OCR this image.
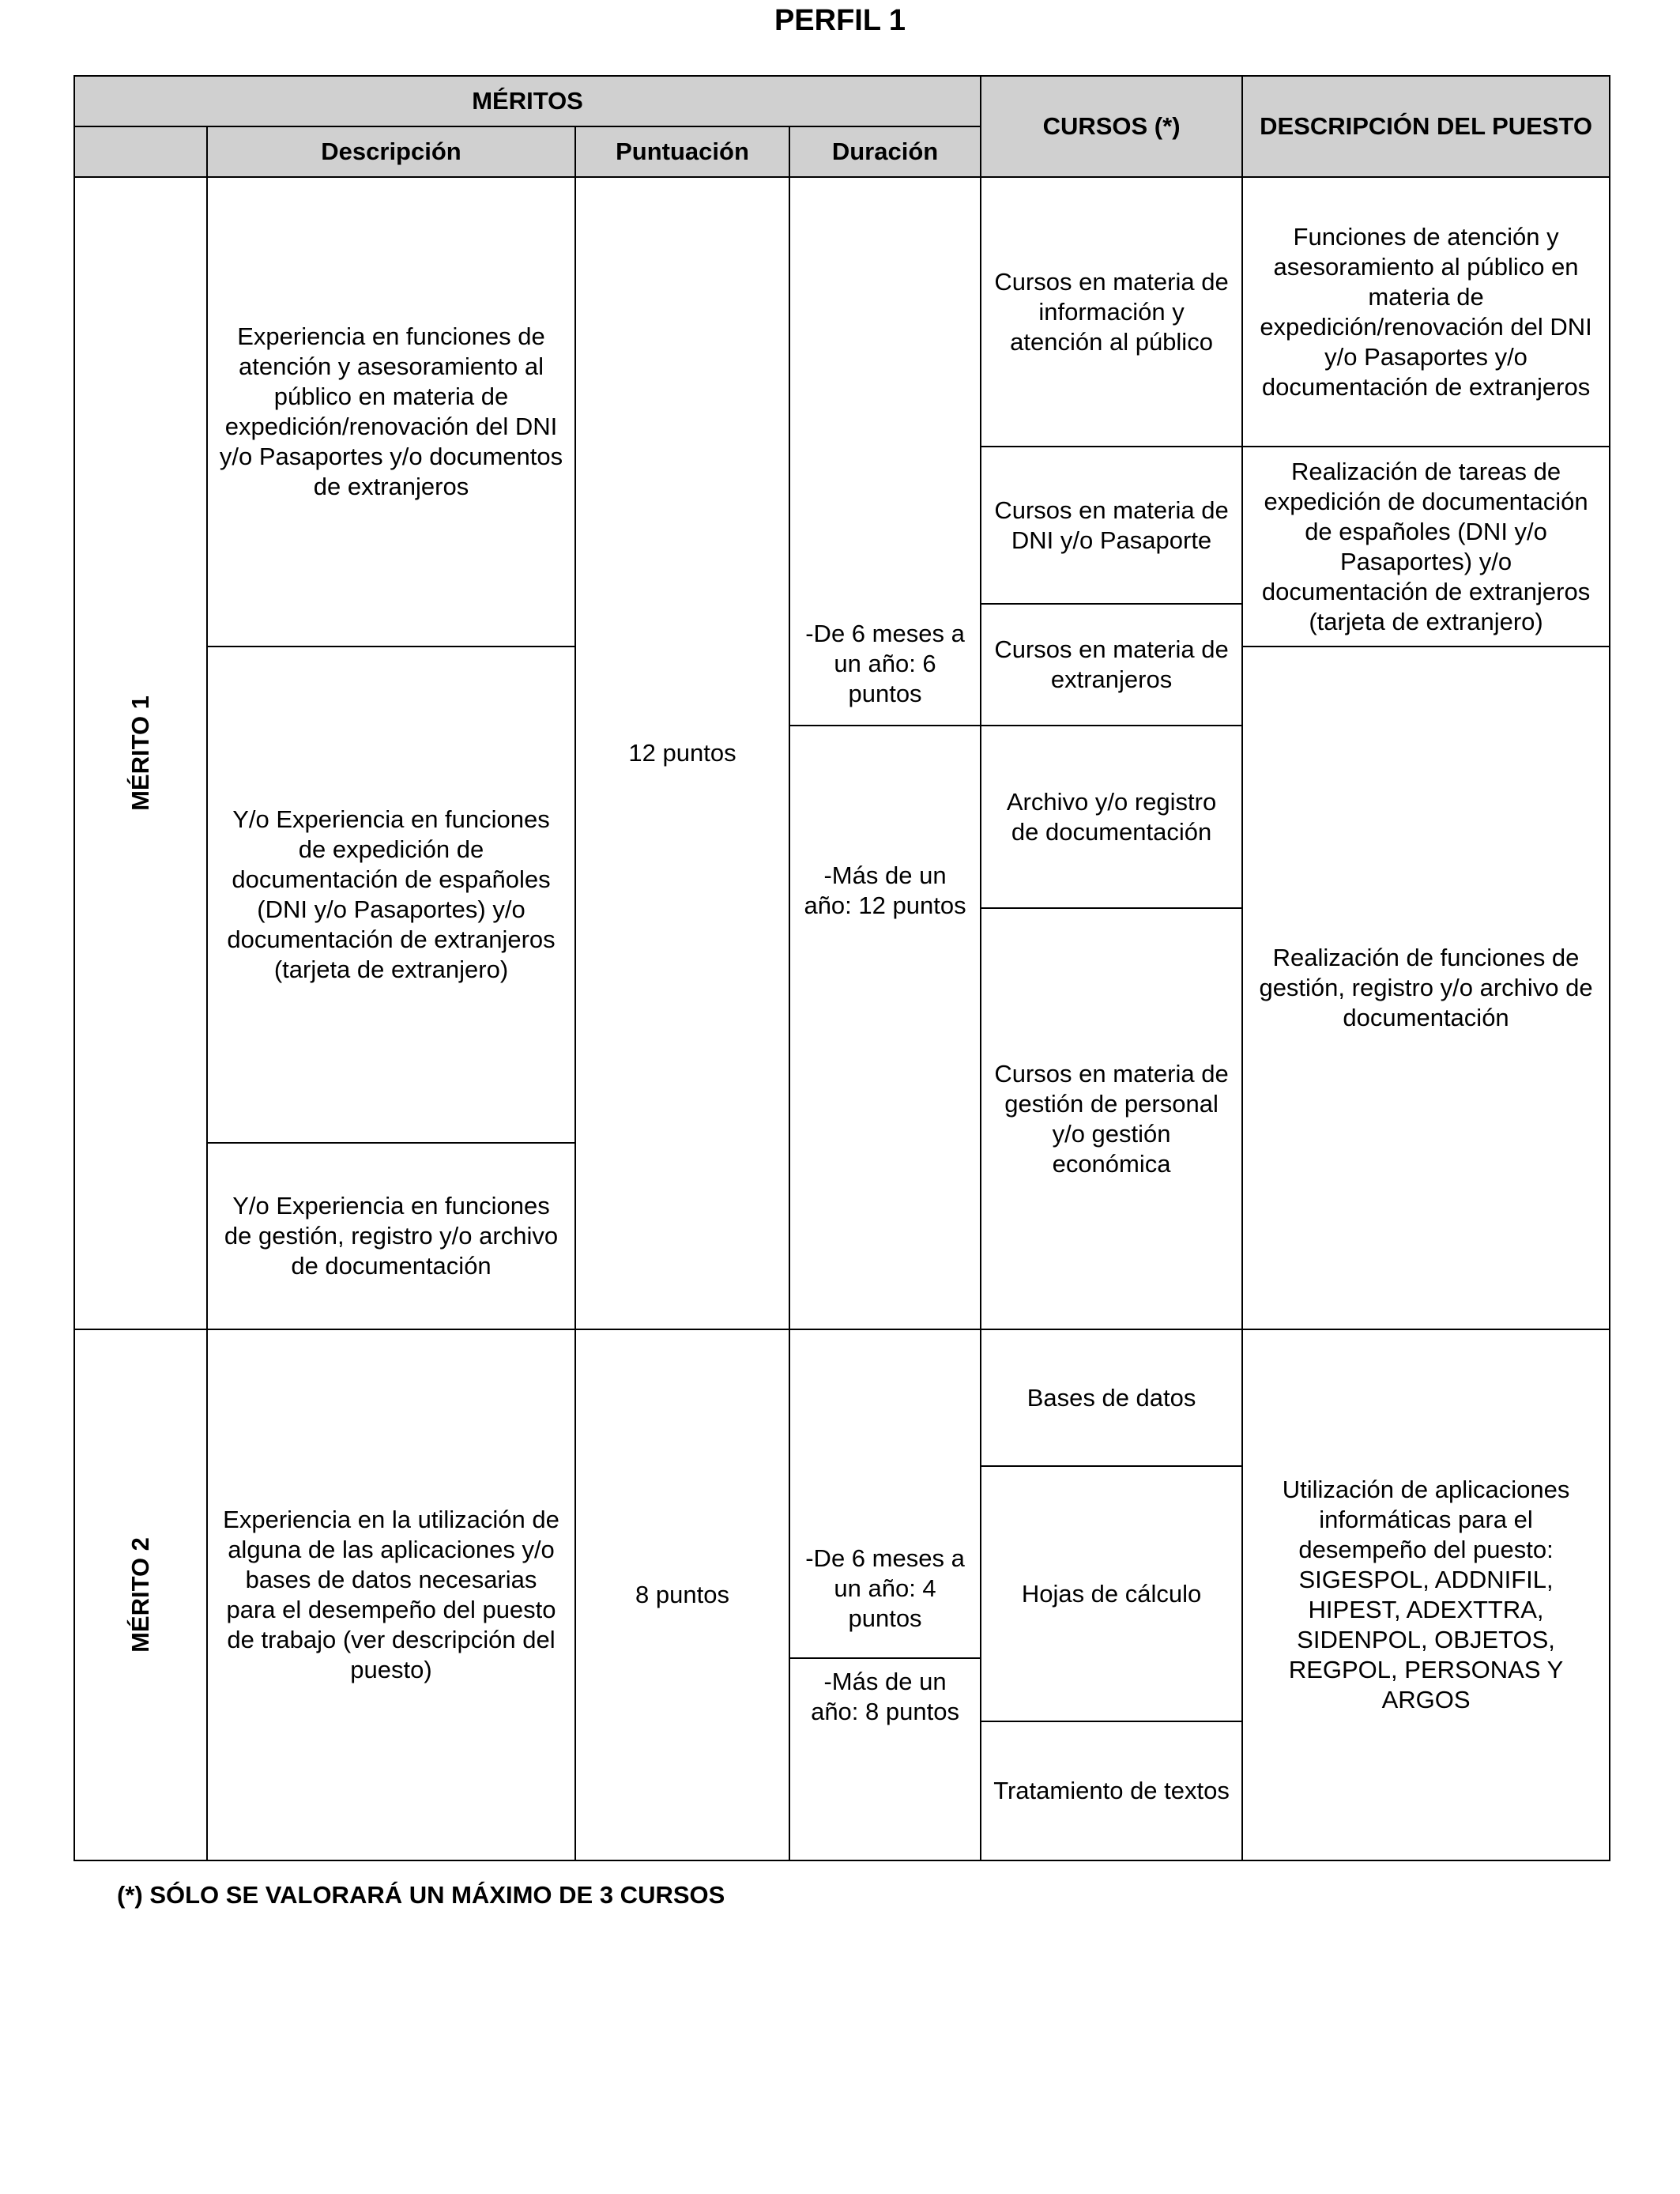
PERFIL 1
MÉRITOS				CURSOS (*)	DESCRIPCIÓN DEL PUESTO
	Descripción	Puntuación	Duración		

MÉRITO 1	Experiencia en funciones de atención y asesoramiento al público en materia de expedición/renovación del DNI y/o Pasaportes y/o documentos de extranjeros	12 puntos	-De 6 meses a un año: 6 puntos	Cursos en materia de información y atención al público	Funciones de atención y asesoramiento al público en materia de expedición/renovación del DNI y/o Pasaportes y/o documentación de extranjeros
				Cursos en materia de DNI y/o Pasaporte	Realización de tareas de expedición de documentación de españoles (DNI y/o Pasaportes) y/o documentación de extranjeros (tarjeta de extranjero)
				Cursos en materia de extranjeros	
	Y/o Experiencia en funciones de expedición de documentación de españoles (DNI y/o Pasaportes) y/o documentación de extranjeros (tarjeta de extranjero)				Realización de funciones de gestión, registro y/o archivo de documentación
			-Más de un año: 12 puntos	Archivo y/o registro de documentación	
				Cursos en materia de gestión de personal y/o gestión económica	
	Y/o Experiencia en funciones de gestión, registro y/o archivo de documentación				

MÉRITO 2	Experiencia en la utilización de alguna de las aplicaciones y/o bases de datos necesarias para el desempeño del puesto de trabajo (ver descripción del puesto)	8 puntos	-De 6 meses a un año: 4 puntos	Bases de datos	Utilización de aplicaciones informáticas para el desempeño del puesto: SIGESPOL, ADDNIFIL, HIPEST, ADEXTTRA, SIDENPOL, OBJETOS, REGPOL, PERSONAS Y ARGOS
				Hojas de cálculo	
			-Más de un año: 8 puntos		
				Tratamiento de textos	
(*) SÓLO SE VALORARÁ UN MÁXIMO DE 3 CURSOS
